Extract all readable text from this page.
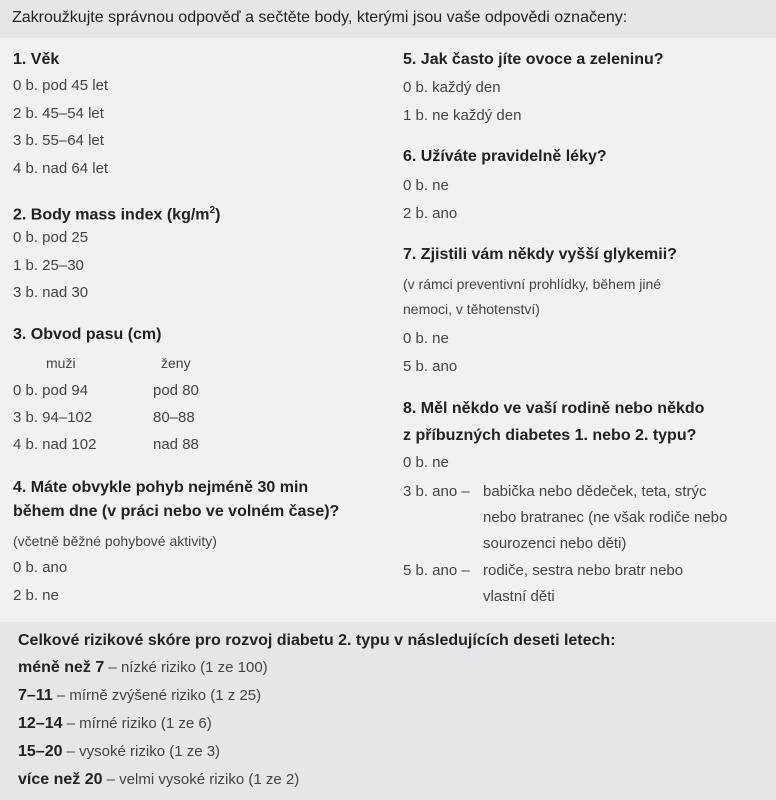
Zakroužkujte správnou odpověď a sečtěte body, kterými jsou vaše odpovědi označeny:
1. Věk
0 b. pod 45 let
2 b. 45–54 let
3 b. 55–64 let
4 b. nad 64 let
2. Body mass index $(kg/m^2)$
0 b. pod 25
1 b. 25–30
3 b. nad 30
3. Obvod pasu (cm)
muži	ženy
0 b. pod 94	pod 80
3 b. 94–102	80–88
4 b. nad 102	nad 88
4. Máte obvykle pohyb nejméně 30 min
během dne (v práci nebo ve volném čase)?
(včetně běžné pohybové aktivity)
0 b. ano
2 b. ne
5. Jak často jíte ovoce a zeleninu?
0 b. každý den
1 b. ne každý den
6. Užíváte pravidelně léky?
0 b. ne
2 b. ano
7. Zjistili vám někdy vyšší glykemii?
(v rámci preventivní prohlídky, během jiné
nemoci, v těhotenství)
0 b. ne
5 b. ano
8. Měl někdo ve vaší rodině nebo někdo
z příbuzných diabetes 1. nebo 2. typu?
0 b. ne
3 b. ano – babička nebo dědeček, teta, strýc
nebo bratranec (ne však rodiče nebo
sourozenci nebo děti)
5 b. ano – rodiče, sestra nebo bratr nebo
vlastní děti
Celkové rizikové skóre pro rozvoj diabetu 2. typu v následujících deseti letech:
méně než 7 – nízké riziko (1 ze 100)
7–11 – mírně zvýšené riziko (1 z 25)
12–14 – mírné riziko (1 ze 6)
15–20 – vysoké riziko (1 ze 3)
více než 20 – velmi vysoké riziko (1 ze 2)
